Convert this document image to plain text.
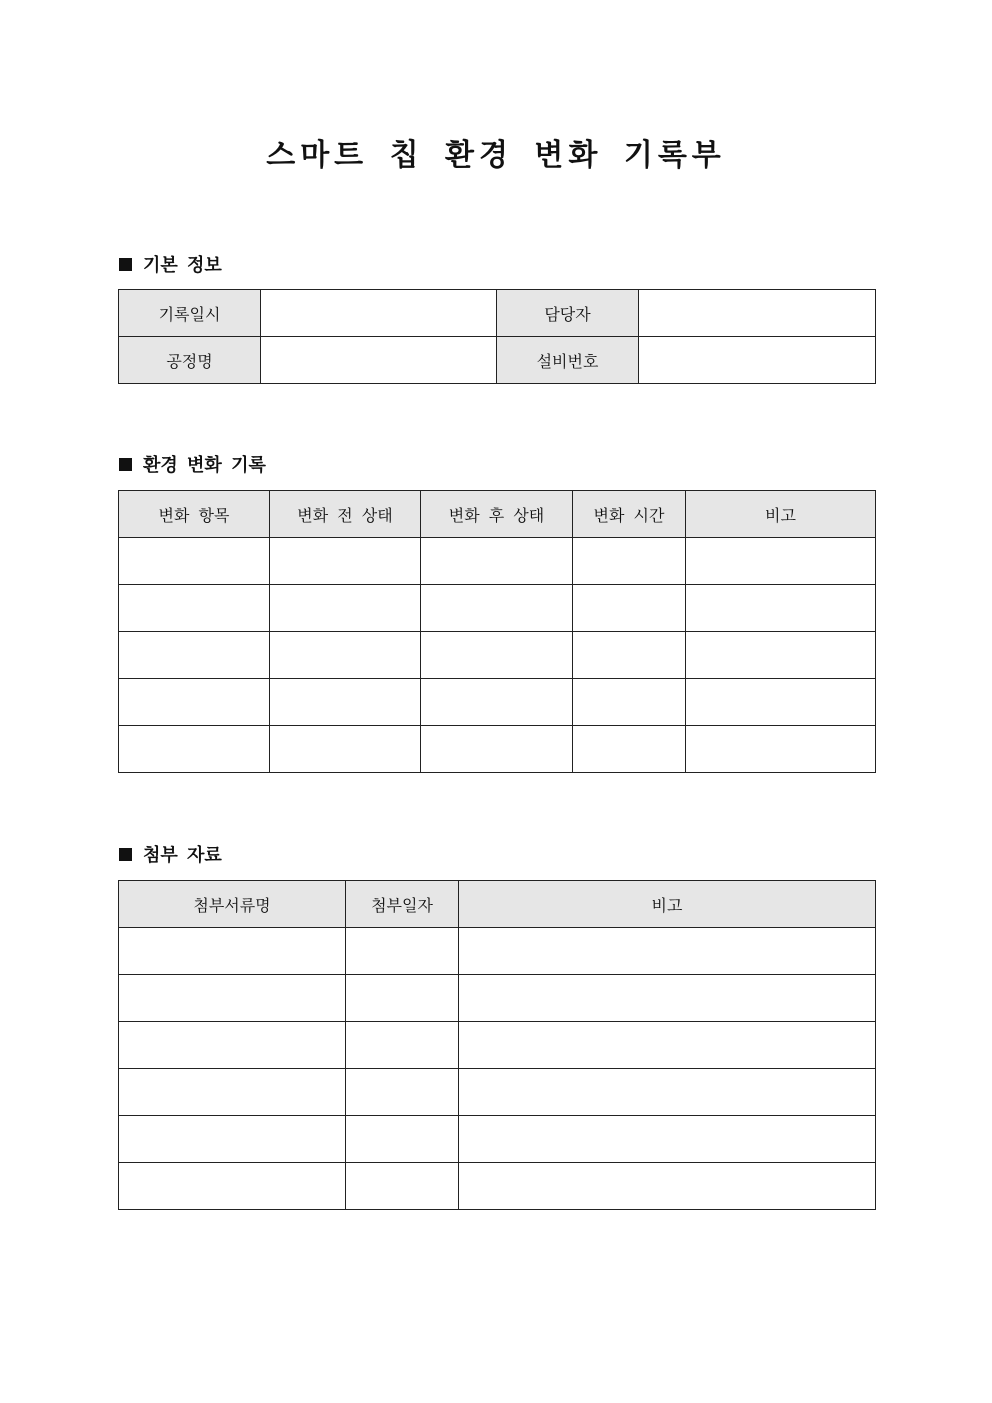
스마트 칩 환경 변화 기록부
기본 정보
기록일시		담당자	
공정명		설비번호	
환경 변화 기록
변화 항목	변화 전 상태	변화 후 상태	변화 시간	비고

첨부 자료
첨부서류명	첨부일자	비고
